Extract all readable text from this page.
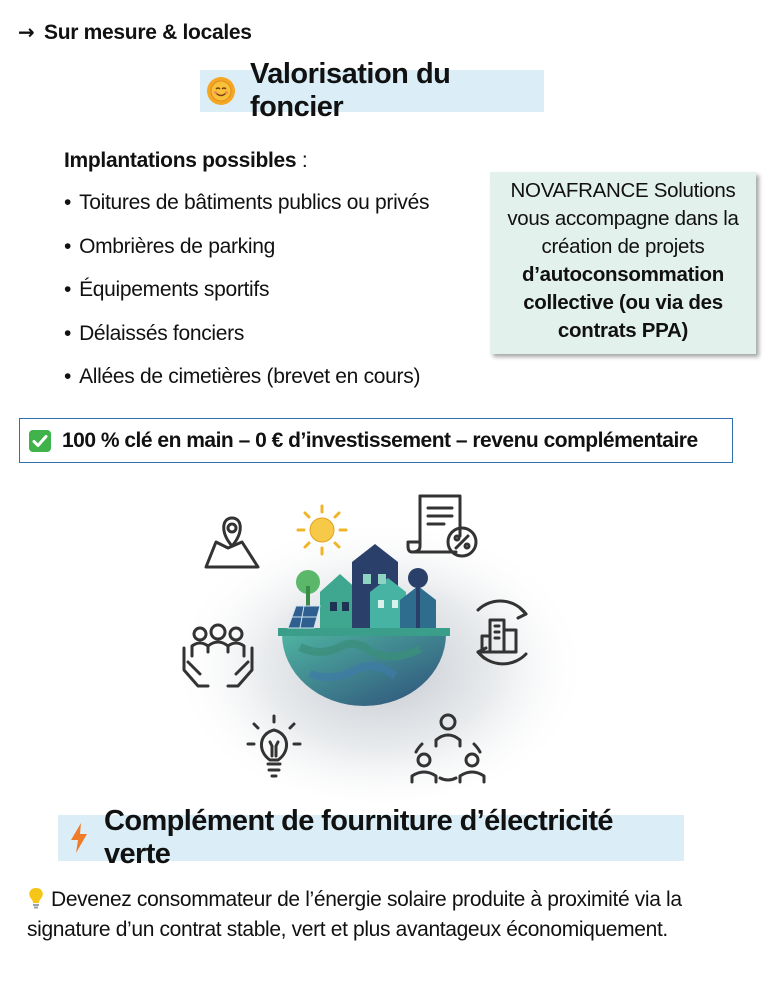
→ Sur mesure & locales
Valorisation du foncier
Implantations possibles :
• Toitures de bâtiments publics ou privés
• Ombrières de parking
• Équipements sportifs
• Délaissés fonciers
• Allées de cimetières (brevet en cours)
NOVAFRANCE Solutions
vous accompagne dans la
création de projets
d’autoconsommation
collective (ou via des
contrats PPA)
100 % clé en main – 0 € d’investissement – revenu complémentaire
Complément de fourniture d’électricité verte
Devenez consommateur de l’énergie solaire produite à proximité via la
signature d’un contrat stable, vert et plus avantageux économiquement.
